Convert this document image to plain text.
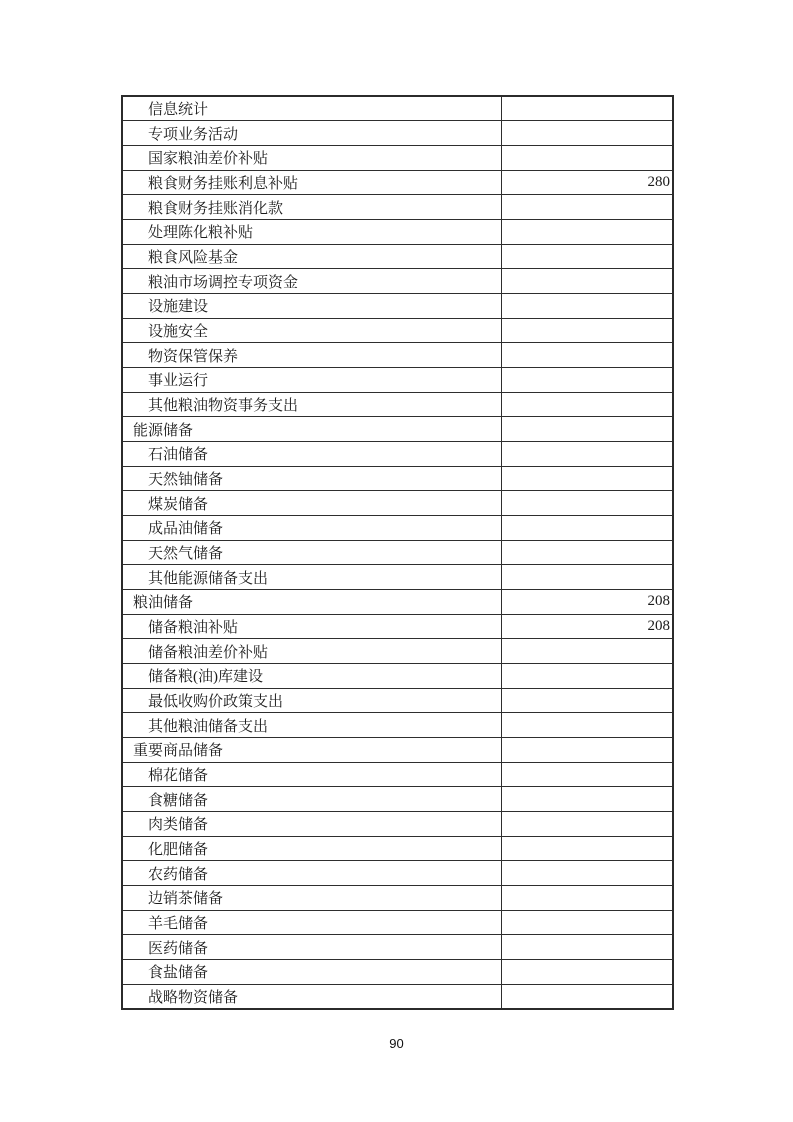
信息统计	
专项业务活动	
国家粮油差价补贴	
粮食财务挂账利息补贴	280
粮食财务挂账消化款	
处理陈化粮补贴	
粮食风险基金	
粮油市场调控专项资金	
设施建设	
设施安全	
物资保管保养	
事业运行	
其他粮油物资事务支出	
能源储备	
石油储备	
天然铀储备	
煤炭储备	
成品油储备	
天然气储备	
其他能源储备支出	
粮油储备	208
储备粮油补贴	208
储备粮油差价补贴	
储备粮(油)库建设	
最低收购价政策支出	
其他粮油储备支出	
重要商品储备	
棉花储备	
食糖储备	
肉类储备	
化肥储备	
农药储备	
边销茶储备	
羊毛储备	
医药储备	
食盐储备	
战略物资储备	
90
